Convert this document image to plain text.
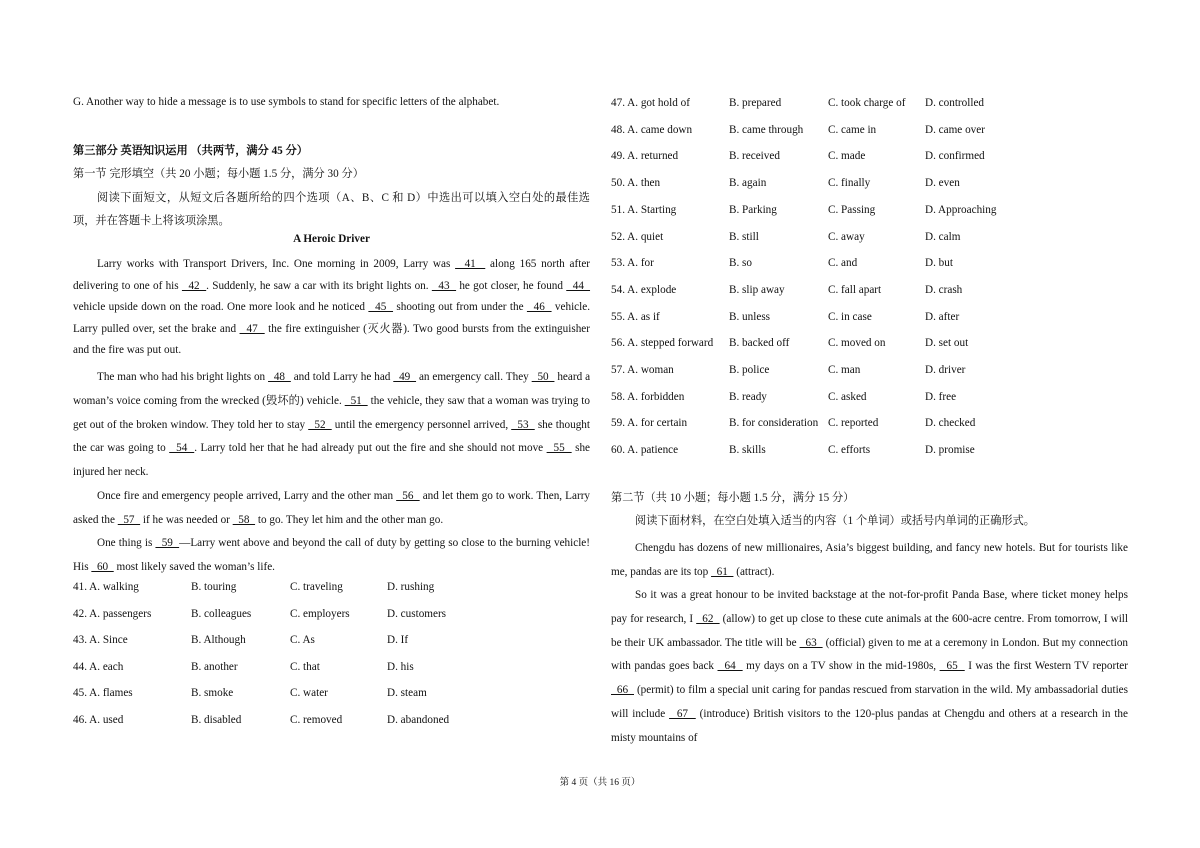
G. Another way to hide a message is to use symbols to stand for specific letters of the alphabet.
第三部分 英语知识运用 （共两节，满分 45 分）
第一节 完形填空（共 20 小题；每小题 1.5 分，满分 30 分）
阅读下面短文，从短文后各题所给的四个选项（A、B、C 和 D）中选出可以填入空白处的最佳选项，并在答题卡上将该项涂黑。
A Heroic Driver
Larry works with Transport Drivers, Inc. One morning in 2009, Larry was   41   along 165 north after delivering to one of his   42  . Suddenly, he saw a car with its bright lights on.   43   he got closer, he found   44   vehicle upside down on the road. One more look and he noticed   45   shooting out from under the   46   vehicle. Larry pulled over, set the brake and   47   the fire extinguisher (灭火器). Two good bursts from the extinguisher and the fire was put out.
The man who had his bright lights on   48   and told Larry he had   49   an emergency call. They   50   heard a woman’s voice coming from the wrecked (毁坏的) vehicle.   51   the vehicle, they saw that a woman was trying to get out of the broken window. They told her to stay   52   until the emergency personnel arrived,   53   she thought the car was going to   54  . Larry told her that he had already put out the fire and she should not move   55   she injured her neck.
Once fire and emergency people arrived, Larry and the other man   56   and let them go to work. Then, Larry asked the   57   if he was needed or   58   to go. They let him and the other man go.
One thing is   59  —Larry went above and beyond the call of duty by getting so close to the burning vehicle! His   60   most likely saved the woman’s life.
41. A. walking	B. touring	C. traveling	D. rushing
42. A. passengers	B. colleagues	C. employers	D. customers
43. A. Since	B. Although	C. As	D. If
44. A. each	B. another	C. that	D. his
45. A. flames	B. smoke	C. water	D. steam
46. A. used	B. disabled	C. removed	D. abandoned
47. A. got hold of	B. prepared	C. took charge of D. controlled
48. A. came down	B. came through C. came in	D. came over
49. A. returned	B. received	C. made	D. confirmed
50. A. then	B. again	C. finally	D. even
51. A. Starting	B. Parking	C. Passing	D. Approaching
52. A. quiet	B. still	C. away	D. calm
53. A. for	B. so	C. and	D. but
54. A. explode	B. slip away	C. fall apart	D. crash
55. A. as if	B. unless	C. in case	D. after
56. A. stepped forward B. backed off	C. moved on	D. set out
57. A. woman	B. police	C. man	D. driver
58. A. forbidden	B. ready	C. asked	D. free
59. A. for certain	B. for consideration C. reported	D. checked
60. A. patience	B. skills	C. efforts	D. promise
第二节（共 10 小题；每小题 1.5 分，满分 15 分）
阅读下面材料，在空白处填入适当的内容（1 个单词）或括号内单词的正确形式。
Chengdu has dozens of new millionaires, Asia’s biggest building, and fancy new hotels. But for tourists like me, pandas are its top   61   (attract).
So it was a great honour to be invited backstage at the not-for-profit Panda Base, where ticket money helps pay for research, I   62   (allow) to get up close to these cute animals at the 600-acre centre. From tomorrow, I will be their UK ambassador. The title will be   63   (official) given to me at a ceremony in London. But my connection with pandas goes back   64   my days on a TV show in the mid-1980s,   65   I was the first Western TV reporter   66   (permit) to film a special unit caring for pandas rescued from starvation in the wild. My ambassadorial duties will include   67   (introduce) British visitors to the 120-plus pandas at Chengdu and others at a research in the misty mountains of
第 4 页（共 16 页）
